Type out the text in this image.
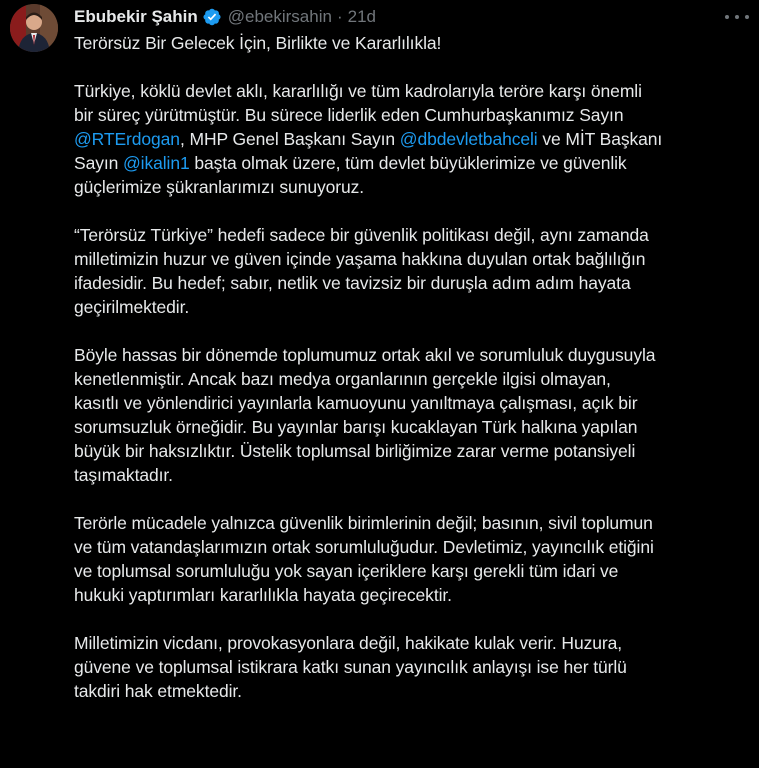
Ebubekir Şahin @ebekirsahin · 21d
Terörsüz Bir Gelecek İçin, Birlikte ve Kararlılıkla!
Türkiye, köklü devlet aklı, kararlılığı ve tüm kadrolarıyla teröre karşı önemli
bir süreç yürütmüştür. Bu sürece liderlik eden Cumhurbaşkanımız Sayın
@RTErdogan, MHP Genel Başkanı Sayın @dbdevletbahceli ve MİT Başkanı
Sayın @ikalin1 başta olmak üzere, tüm devlet büyüklerimize ve güvenlik
güçlerimize şükranlarımızı sunuyoruz.
“Terörsüz Türkiye” hedefi sadece bir güvenlik politikası değil, aynı zamanda
milletimizin huzur ve güven içinde yaşama hakkına duyulan ortak bağlılığın
ifadesidir. Bu hedef; sabır, netlik ve tavizsiz bir duruşla adım adım hayata
geçirilmektedir.
Böyle hassas bir dönemde toplumumuz ortak akıl ve sorumluluk duygusuyla
kenetlenmiştir. Ancak bazı medya organlarının gerçekle ilgisi olmayan,
kasıtlı ve yönlendirici yayınlarla kamuoyunu yanıltmaya çalışması, açık bir
sorumsuzluk örneğidir. Bu yayınlar barışı kucaklayan Türk halkına yapılan
büyük bir haksızlıktır. Üstelik toplumsal birliğimize zarar verme potansiyeli
taşımaktadır.
Terörle mücadele yalnızca güvenlik birimlerinin değil; basının, sivil toplumun
ve tüm vatandaşlarımızın ortak sorumluluğudur. Devletimiz, yayıncılık etiğini
ve toplumsal sorumluluğu yok sayan içeriklere karşı gerekli tüm idari ve
hukuki yaptırımları kararlılıkla hayata geçirecektir.
Milletimizin vicdanı, provokasyonlara değil, hakikate kulak verir. Huzura,
güvene ve toplumsal istikrara katkı sunan yayıncılık anlayışı ise her türlü
takdiri hak etmektedir.
